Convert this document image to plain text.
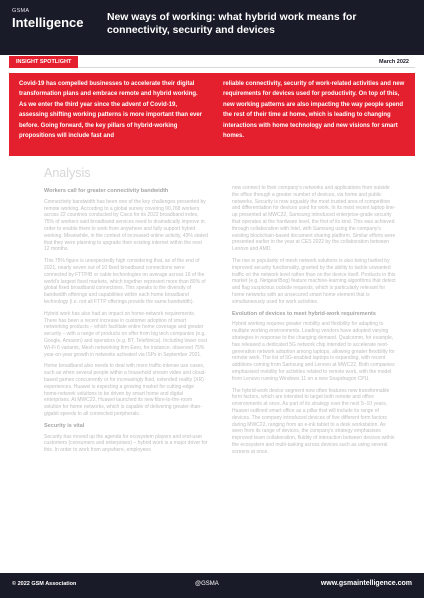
GSMA
Intelligence New ways of working: what hybrid work means for connectivity, security and devices
INSIGHT SPOTLIGHT	March 2022
Covid-19 has compelled businesses to accelerate their digital transformation plans and embrace remote and hybrid working. As we enter the third year since the advent of Covid-19, assessing shifting working patterns is more important than ever before. Going forward, the key pillars of hybrid-working propositions will include fast and
reliable connectivity, security of work-related activities and new requirements for devices used for productivity. On top of this, new working patterns are also impacting the way people spend the rest of their time at home, which is leading to changing interactions with home technology and new visions for smart homes.
Analysis
Workers call for greater connectivity bandwidth

Connectivity bandwidth has been one of the key challenges presented by remote working. According to a global survey covering 90,768 workers across 22 countries conducted by Cisco for its 2022 broadband index, 75% of workers said broadband services need to dramatically improve in order to enable them to work from anywhere and fully support hybrid working. Meanwhile, in the context of increased online activity, 43% stated that they were planning to upgrade their existing internet within the next 12 months.

This 75% figure is unexpectedly high considering that, as of the end of 2021, nearly seven out of 10 fixed broadband connections were connected by FTTP/B or cable technologies on average across 16 of the world's largest fixed markets, which together represent more than 80% of global fixed broadband connections. This speaks to the diversity of bandwidth offerings and capabilities within each home broadband technology (i.e. not all FTTP offerings provide the same bandwidth).

Hybrid work has also had an impact on home-network requirements. There has been a recent increase in customer adoption of smart networking products – which facilitate entire home coverage and greater security – with a range of products on offer from big tech companies (e.g. Google, Amazon) and operators (e.g. BT, Telefónica). Including lower cost Wi-Fi 6 variants, Mesh networking firm Eero, for instance, observed 75% year-on-year growth in networks activated via ISPs in September 2021.

Home broadband also needs to deal with more traffic-intense use cases, such as when several people within a household stream video and cloud-based games concurrently or for increasingly fluid, extended reality (XR) experiences. Huawei is expecting a growing market for cutting-edge home-network solutions to be driven by smart home and digital enterprises. At MWC22, Huawei launched its new fibre-to-the-room solution for home networks, which is capable of delivering greater-than-gigabit speeds to all connected peripherals.

Security is vital

Security has moved up the agenda for ecosystem players and end-user customers (consumers and enterprises) – hybrid work is a major driver for this. In order to work from anywhere, employees

now connect to their company's networks and applications from outside the office through a greater number of devices, via home and public networks. Security is now arguably the most trusted area of competition and differentiation for devices used for work. In its most recent laptop line-up presented at MWC22, Samsung introduced enterprise-grade security that operates at the hardware level, the first of its kind. This was achieved through collaboration with Intel, with Samsung using the company's existing blockchain-based document sharing platform. Similar efforts were presented earlier in the year at CES 2022 by the collaboration between Lenovo and AMD.

The rise in popularity of mesh network solutions is also being fuelled by improved security functionality, granted by the ability to tackle unwanted traffic on the network level rather than on the device itself. Products in this market (e.g. Netgear/Bog) feature machine-learning algorithms that detect and flag suspicious outside requests, which is particularly relevant for home networks with an unsecured smart home element that is simultaneously used for work activities.

Evolution of devices to meet hybrid-work requirements

Hybrid working requires greater mobility and flexibility for adapting to multiple working environments. Leading vendors have adopted varying strategies in response to the changing demand. Qualcomm, for example, has released a dedicated 5G network chip intended to accelerate next-generation network adoption among laptops, allowing greater flexibility for remote work. The list of 5G-enabled laptops is expanding, with recent additions coming from Samsung and Lenovo at MWC22. Both companies emphasised mobility for activities related to remote work, with the model from Lenovo running Windows 11 on a new Snapdragon CPU.

The hybrid-work device segment now often features new transformable form factors, which are intended to target both remote and office environments at once. As part of its strategy over the next 5–10 years, Huawei outlined smart office as a pillar that will include its range of devices. The company introduced devices of five different form factors during MWC22, ranging from an e-ink tablet to a desk workstation. As seen from its range of devices, the company's strategy emphasises improved team collaboration, fluidity of interaction between devices within the ecosystem and multi-tasking across devices such as using several screens at once.

© 2022 GSM Association	@GSMA	www.gsmaintelligence.com
